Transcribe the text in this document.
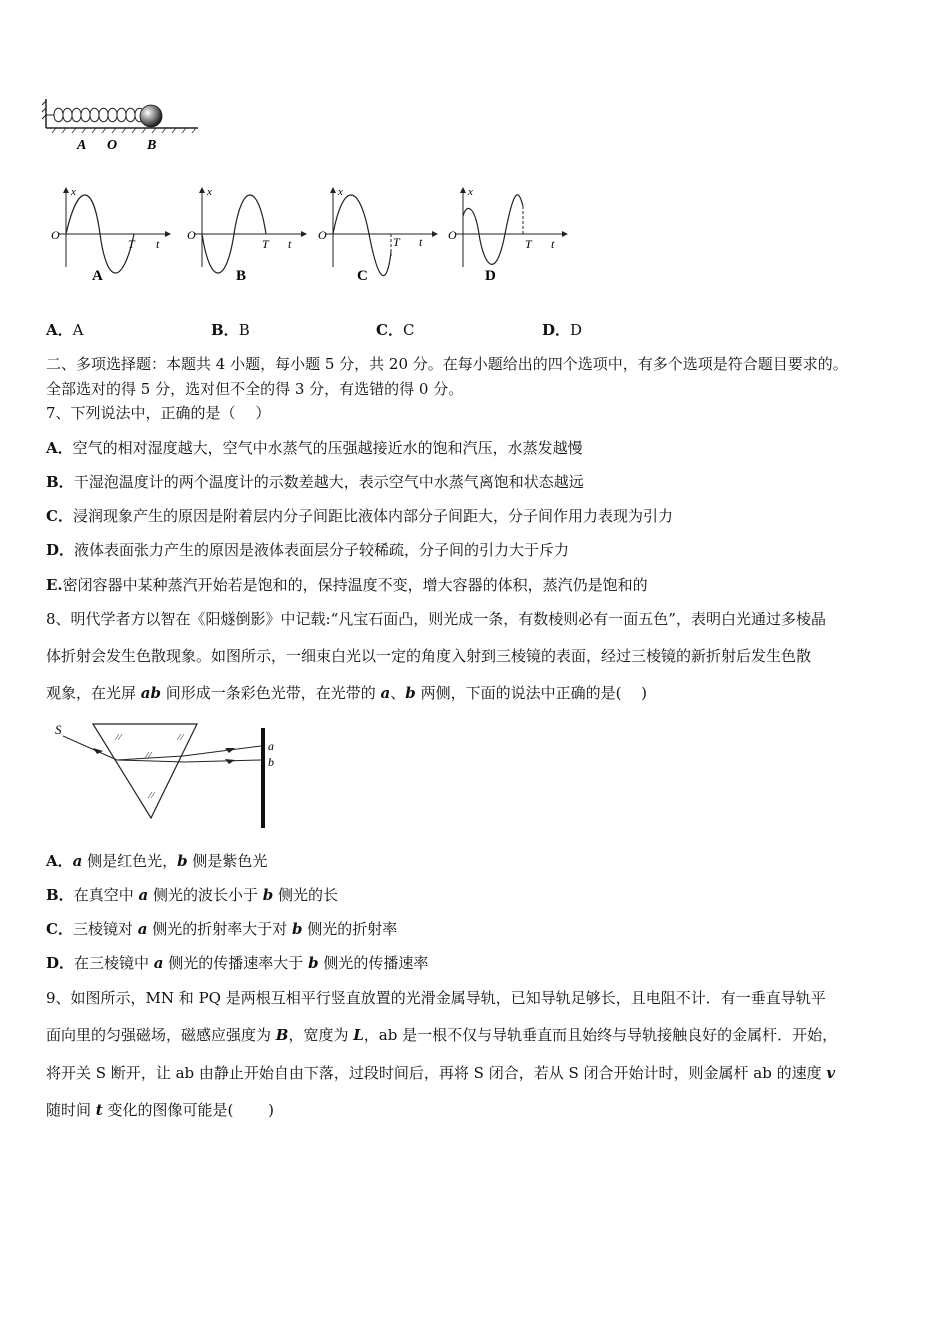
A O B
x
O
T t
A
x
O
T t
B
x
O	T t
C
x
O
T t
D
A．A	B．B	C．C	D．D
二、多项选择题：本题共 4 小题，每小题 5 分，共 20 分。在每小题给出的四个选项中，有多个选项是符合题目要求的。
全部选对的得 5 分，选对但不全的得 3 分，有选错的得 0 分。
7、下列说法中，正确的是（　 ）
A．空气的相对湿度越大，空气中水蒸气的压强越接近水的饱和汽压，水蒸发越慢
B．干湿泡温度计的两个温度计的示数差越大，表示空气中水蒸气离饱和状态越远
C．浸润现象产生的原因是附着层内分子间距比液体内部分子间距大，分子间作用力表现为引力
D．液体表面张力产生的原因是液体表面层分子较稀疏，分子间的引力大于斥力
E.密闭容器中某种蒸汽开始若是饱和的，保持温度不变，增大容器的体积，蒸汽仍是饱和的
8、明代学者方以智在《阳燧倒影》中记载:“凡宝石面凸，则光成一条，有数棱则必有一面五色”，表明白光通过多棱晶
体折射会发生色散现象。如图所示，一细束白光以一定的角度入射到三棱镜的表面，经过三棱镜的新折射后发生色散
观象，在光屏 ab 间形成一条彩色光带，在光带的 a、b 两侧，下面的说法中正确的是(　 )
S
a
b
A．a 侧是红色光，b 侧是紫色光
B．在真空中 a 侧光的波长小于 b 侧光的长
C．三棱镜对 a 侧光的折射率大于对 b 侧光的折射率
D．在三棱镜中 a 侧光的传播速率大于 b 侧光的传播速率
9、如图所示，MN 和 PQ 是两根互相平行竖直放置的光滑金属导轨，已知导轨足够长，且电阻不计．有一垂直导轨平
面向里的匀强磁场，磁感应强度为 B，宽度为 L，ab 是一根不仅与导轨垂直而且始终与导轨接触良好的金属杆．开始，
将开关 S 断开，让 ab 由静止开始自由下落，过段时间后，再将 S 闭合，若从 S 闭合开始计时，则金属杆 ab 的速度 v
随时间 t 变化的图像可能是(　 　)
